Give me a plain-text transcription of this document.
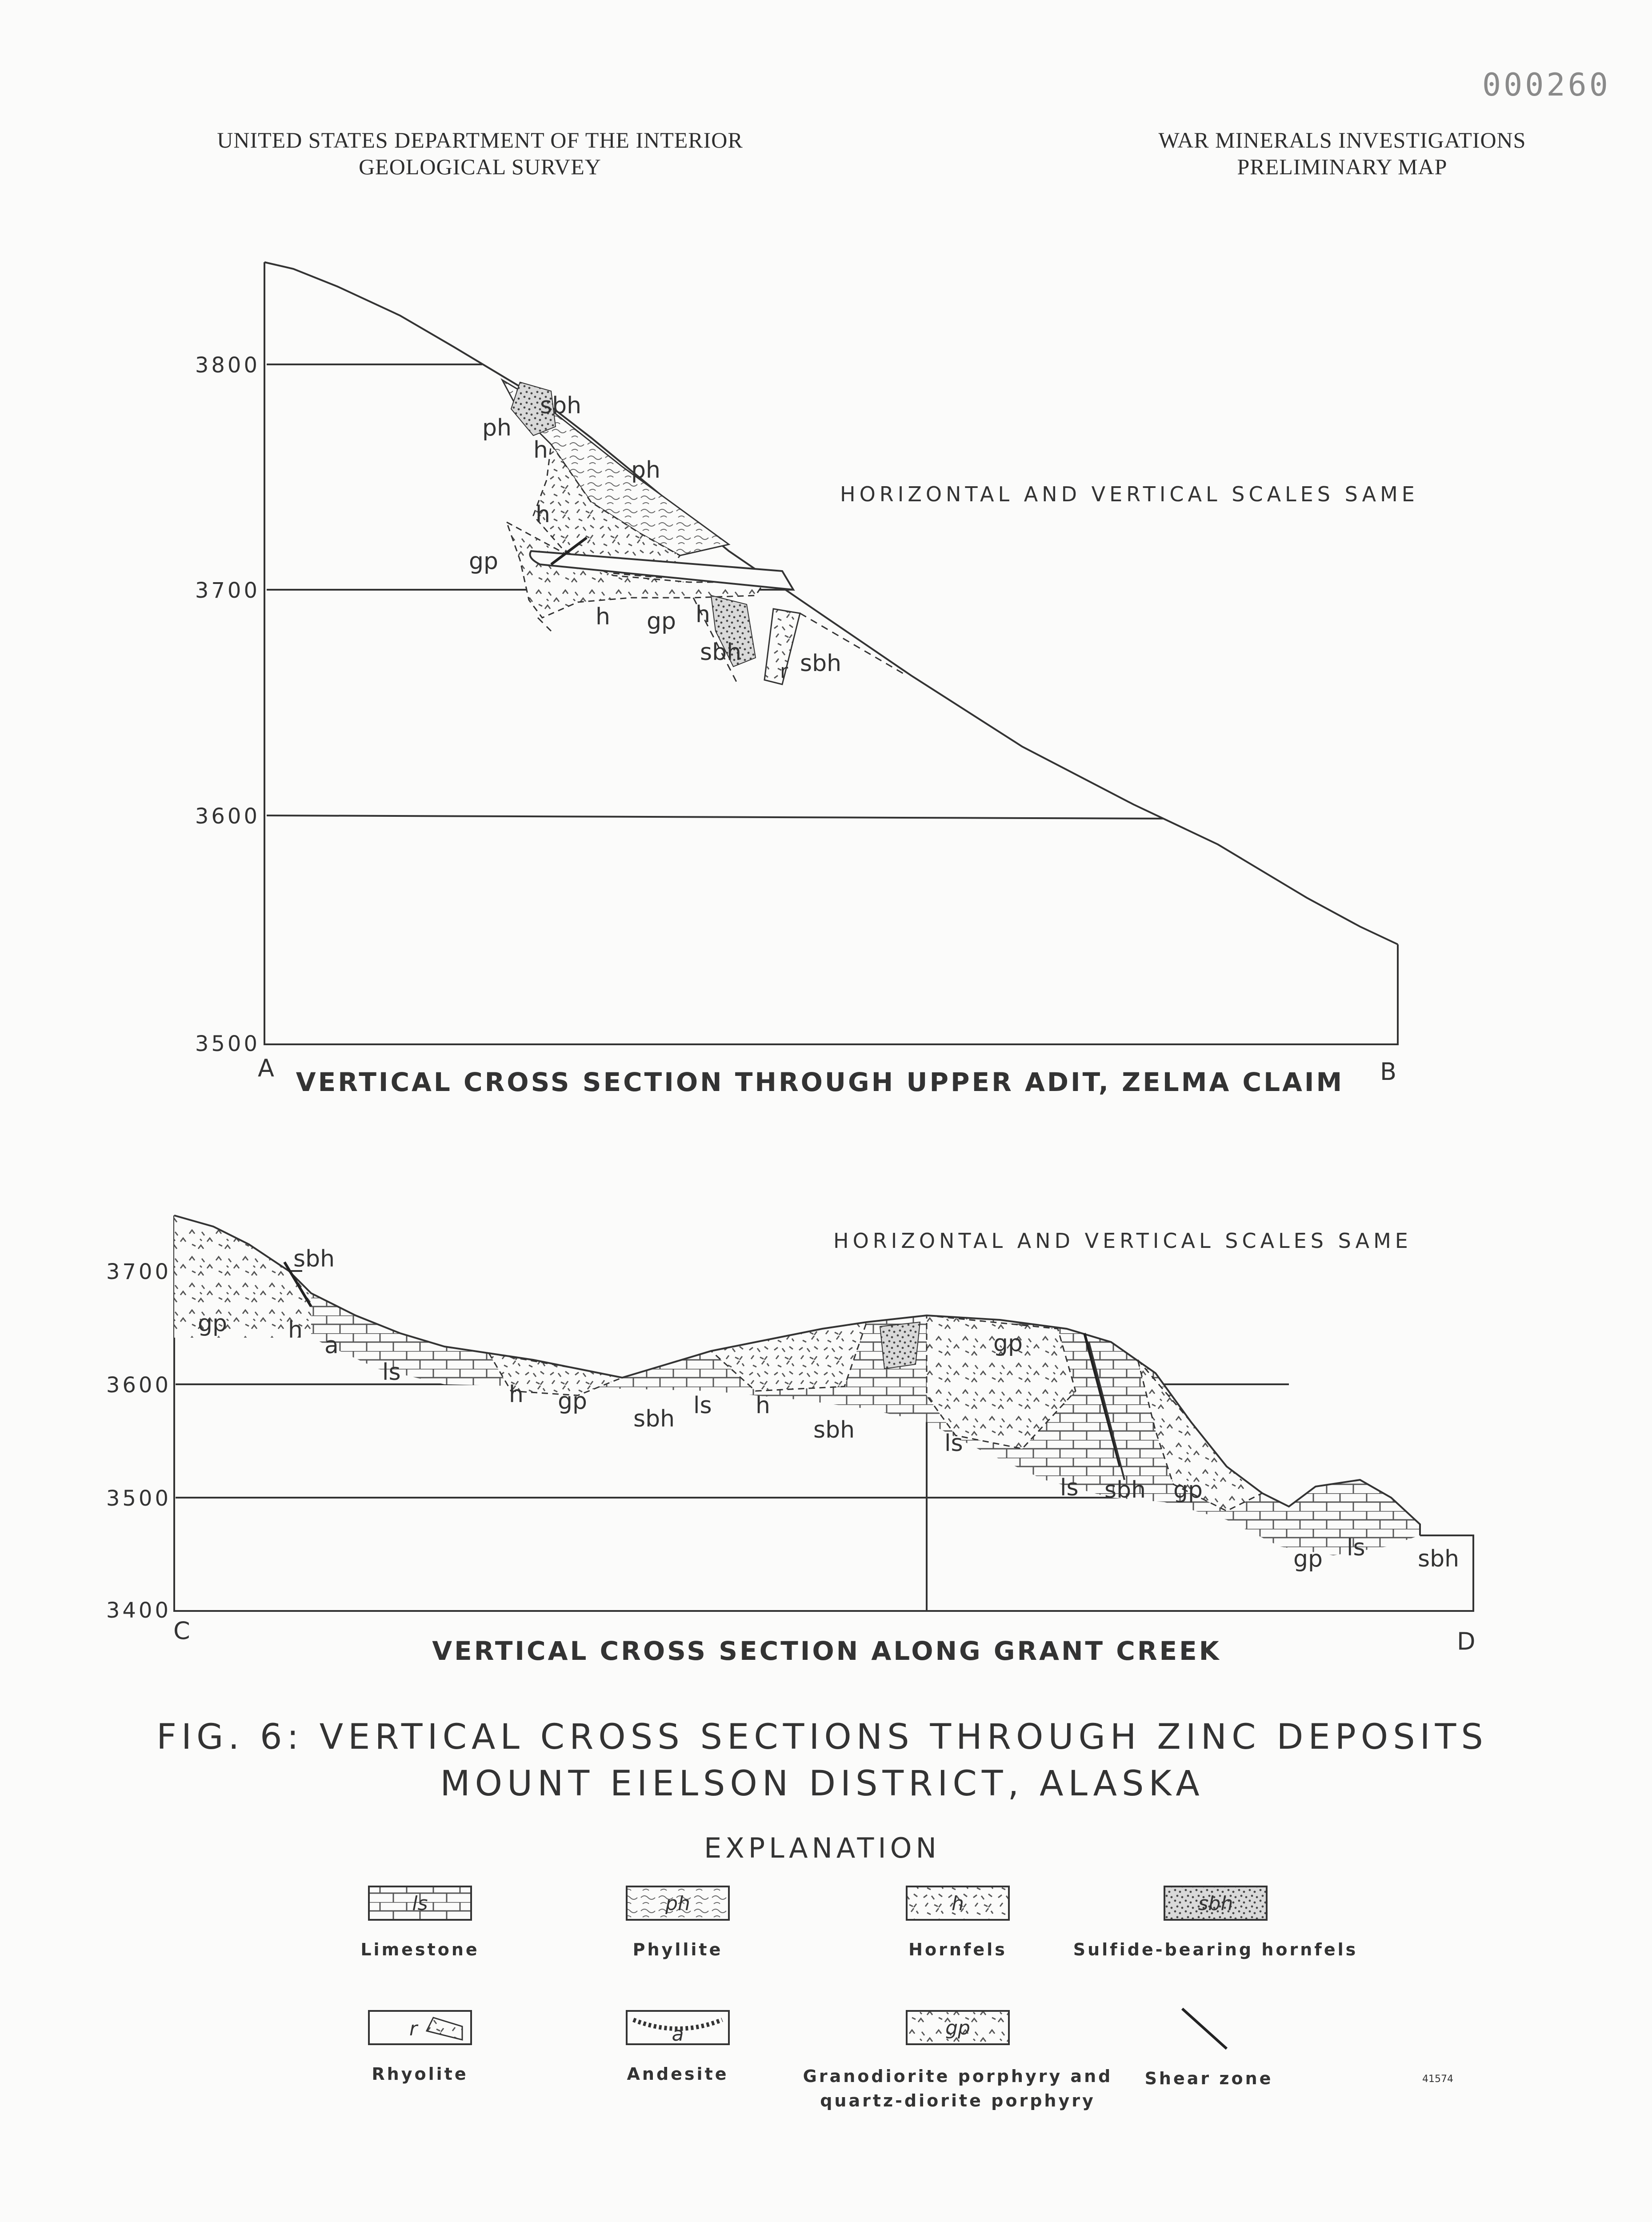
UNITED STATES DEPARTMENT OF THE INTERIOR
GEOLOGICAL SURVEY
WAR MINERALS INVESTIGATIONS
PRELIMINARY MAP
000260
sbh
ph
h
ph
h
gp
h gp h
sbh
r sbh
3800
3700
3600
3500
HORIZONTAL AND VERTICAL SCALES SAME
A	B
VERTICAL CROSS SECTION THROUGH UPPER ADIT, ZELMA CLAIM
sbh
gp	h
a
ls
h gp
sbh ls h
sbh
gp
ls
ls sbh gp
gp ls sbh
3700
3600
3500
3400
HORIZONTAL AND VERTICAL SCALES SAME
C	D
VERTICAL CROSS SECTION ALONG GRANT CREEK
FIG. 6: VERTICAL CROSS SECTIONS THROUGH ZINC DEPOSITS
MOUNT EIELSON DISTRICT, ALASKA
EXPLANATION
ls
Limestone
ph
Phyllite
h
Hornfels
sbh
Sulfide-bearing hornfels
r
Rhyolite
a
Andesite
gp
Granodiorite porphyry and
quartz-diorite porphyry
Shear zone	41574
